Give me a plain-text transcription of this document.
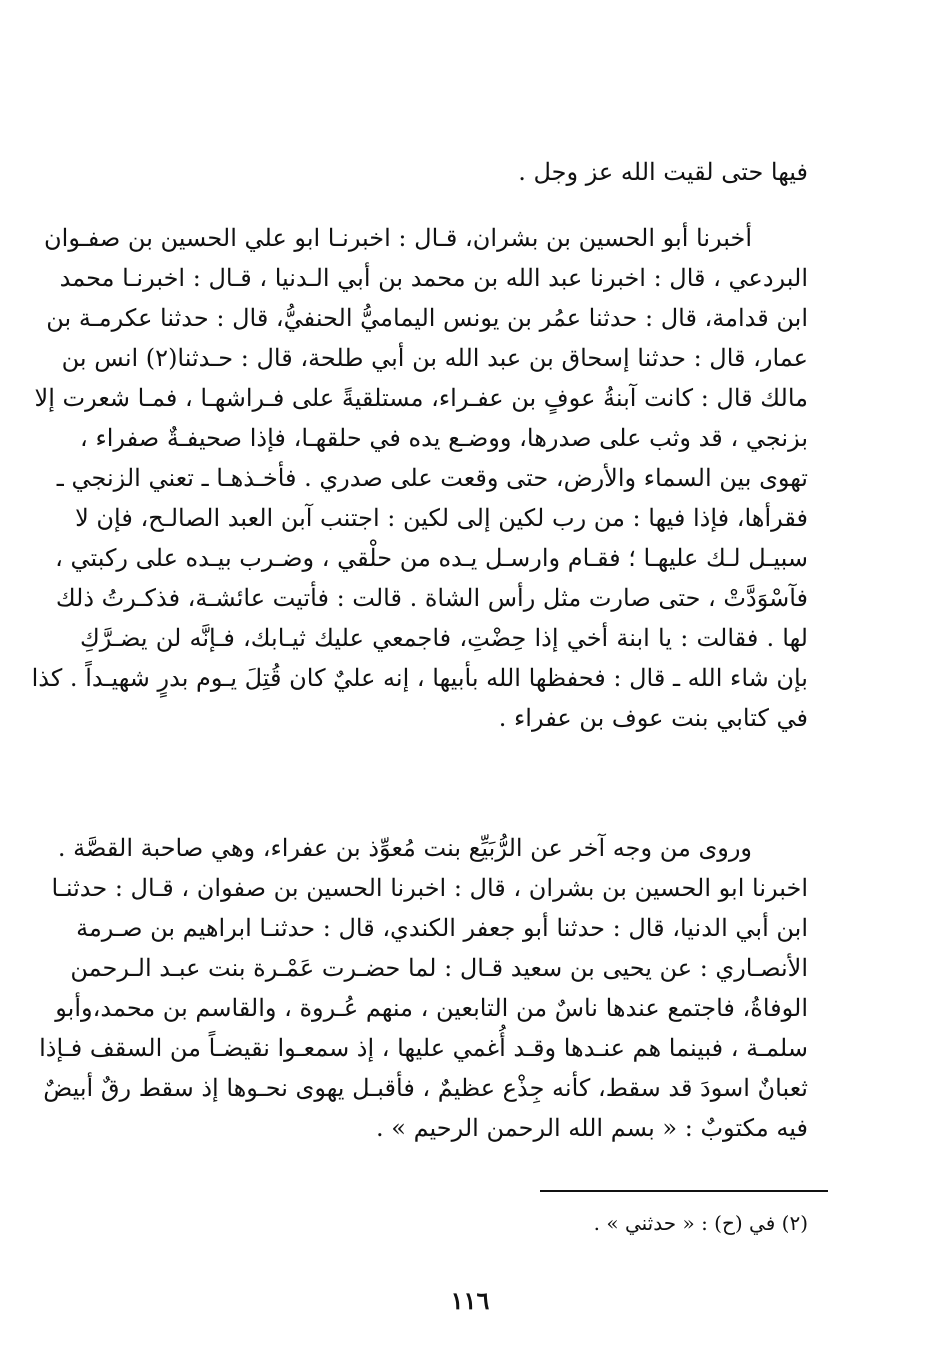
فيها حتى لقيت الله عز وجل .
أخبرنا أبو الحسين بن بشران، قـال : اخبرنـا ابو علي الحسين بن صفـوان
البردعي ، قال : اخبرنا عبد الله بن محمد بن أبي الـدنيا ، قـال : اخبرنـا محمد
ابن قدامة، قال : حدثنا عمُر بن يونس اليماميُّ الحنفيُّ، قال : حدثنا عكرمـة بن
عمار، قال : حدثنا إسحاق بن عبد الله بن أبي طلحة، قال : حـدثنا(٢) انس بن
مالك قال : كانت آبنةُ عوفٍ بن عفـراء، مستلقيةً على فـراشهـا ، فمـا شعرت إلا
بزنجي ، قد وثب على صدرها، ووضـع يده في حلقهـا، فإذا صحيفـةٌ صفراء ،
تهوى بين السماء والأرض، حتى وقعت على صدري . فأخـذهـا ـ تعني الزنجي ـ
فقرأها، فإذا فيها : من رب لكين إلى لكين : اجتنب آبن العبد الصالـح، فإن لا
سبيـل لـك عليهـا ؛ فقـام وارسـل يـده من حلْقي ، وضـرب بيـده على ركبتي ،
فآسْوَدَّتْ ، حتى صارت مثل رأس الشاة . قالت : فأتيت عائشـة، فذكـرتُ ذلك
لها . فقالت : يا ابنة أخي إذا حِضْتِ، فاجمعي عليك ثيـابك، فـإنَّه لن يضـرَّكِ
بإن شاء الله ـ قال : فحفظها الله بأبيها ، إنه عليٌ كان قُتِلَ يـوم بدرٍ شهيـداً . كذا
في كتابي بنت عوف بن عفراء .
وروى من وجه آخر عن الرُّبَيِّع بنت مُعوِّذ بن عفراء، وهي صاحبة القصَّة .
اخبرنا ابو الحسين بن بشران ، قال : اخبرنا الحسين بن صفوان ، قـال : حدثنـا
ابن أبي الدنيا، قال : حدثنا أبو جعفر الكندي، قال : حدثنـا ابراهيم بن صـرمة
الأنصـاري : عن يحيى بن سعيد قـال : لما حضـرت عَمْـرة بنت عبـد الـرحمن
الوفاةُ، فاجتمع عندها ناسٌ من التابعين ، منهم عُـروة ، والقاسم بن محمد،وأبو
سلمـة ، فبينما هم عنـدها وقـد أُغمي عليها ، إذ سمعـوا نقيضـاً من السقف فـإذا
ثعبانٌ اسودَ قد سقط، كأنه جِذْع عظيمٌ ، فأقبـل يهوى نحـوها إذ سقط رقٌ أبيضٌ
فيه مكتوبٌ : « بسم الله الرحمن الرحيم » .
(٢) في (ح) : « حدثني » .
١١٦
